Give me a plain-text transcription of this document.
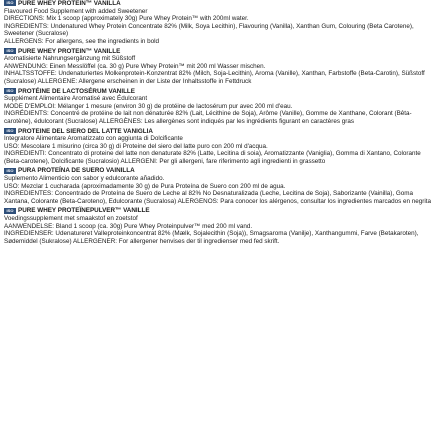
ISO PURE WHEY PROTEIN™ VANILLA

Flavoured Food Supplement with added Sweetener

DIRECTIONS: Mix 1 scoop (approximately 30g) Pure Whey Protein™ with 200ml water.

INGREDIENTS: Undenatured Whey Protein Concentrate 82% (Milk, Soya Lecithin), Flavouring (Vanilla), Xanthan Gum, Colouring (Beta Carotene), Sweetener (Sucralose)

ALLERGENS: For allergens, see the ingredients in bold

ISO PURE WHEY PROTEIN™ VANILLE

Aromatisierte Nahrungsergänzung mit Süßstoff

ANWENDUNG: Einen Messlöffel (ca. 30 g) Pure Whey Protein™ mit 200 ml Wasser mischen.

INHALTSSTOFFE: Undenaturiertes Molkenprotein-Konzentrat 82% (Milch, Soja-Lecithin), Aroma (Vanille), Xanthan, Farbstoffe (Beta-Carotin), Süßstoff (Sucralose) ALLERGENE: Allergene erscheinen in der Liste der Inhaltsstoffe in Fettdruck

ISO PROTÉINE DE LACTOSÉRUM VANILLE

Supplément Alimentaire Aromatisé avec Édulcorant

MODE D'EMPLOI: Mélanger 1 mesure (environ 30 g) de protéine de lactosérum pur avec 200 ml d'eau.

INGRÉDIENTS: Concentré de protéine de lait non dénaturée 82% (Lait, Lécithine de Soja), Arôme (Vanille), Gomme de Xanthane, Colorant (Bêta-carotène), édulcorant (Sucralose) ALLERGÈNES: Les allergènes sont indiqués par les ingrédients figurant en caractères gras

ISO PROTEINE DEL SIERO DEL LATTE VANIGLIA

Integratore Alimentare Aromatizzato con aggiunta di Dolcificante

USO: Mescolare 1 misurino (circa 30 g) di Proteine del siero del latte puro con 200 ml d'acqua.

INGREDIENTI: Concentrato di proteine del latte non denaturate 82% (Latte, Lecitina di soia), Aromatizzante (Vaniglia), Gomma di Xantano, Colorante (Beta-carotene), Dolcificante (Sucralosio) ALLERGENI: Per gli allergeni, fare riferimento agli ingredienti in grassetto

ISO PURA PROTEÍNA DE SUERO VAINILLA

Suplemento Alimenticio con sabor y edulcorante añadido.

USO: Mezclar 1 cucharada (aproximadamente 30 g) de Pura Proteína de Suero con 200 ml de agua.

INGREDIENTES: Concentrado de Proteína de Suero de Leche al 82% No Desnaturalizada (Leche, Lecitina de Soja), Saborizante (Vainilla), Goma Xantana, Colorante (Beta-Caroteno), Edulcorante (Sucralosa) ALERGENOS: Para conocer los alérgenos, consultar los ingredientes marcados en negrita

ISO PURE WHEY PROTEÏNEPULVER™ VANILLE

Voedingssupplement met smaakstof en zoetstof

AANWENDELSE: Bland 1 scoop (ca. 30g) Pure Whey Proteinpulver™ med 200 ml vand.

INGREDIENSER: Udenatureret Valleproteinkoncentrat 82% (Mælk, Sojalecithin (Soja)), Smagsaroma (Vanilje), Xanthangummi, Farve (Betakaroten), Sødemiddel (Sukralose) ALLERGENER: For allergener henvises der til ingredienser med fed skrift.
